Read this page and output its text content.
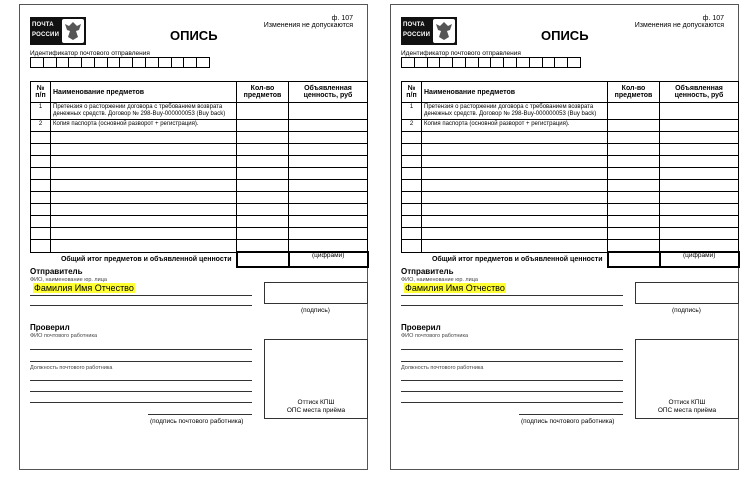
ПОЧТА
РОССИИ	ОПИСЬ
ф. 107
Изменения не допускаются
Идентификатор почтового отправления
№ п/п	Наименование предметов	Кол-во предметов	Объявленная ценность, руб
1	Претензия о расторжении договора с требованием возврата денежных средств. Договор № 298-Buy-000000053 (Buy back)		
2	Копия паспорта (основной разворот + регистрация).		

Общий итог предметов и объявленной ценности			
(цифрами)
Отправитель
ФИО, наименование юр. лица
Фамилия Имя Отчество
(подпись)
Проверил
ФИО почтового работника
Должность почтового работника
(подпись почтового работника)
Оттиск КПШ
ОПС места приёма
ПОЧТА
РОССИИ	ОПИСЬ
ф. 107
Изменения не допускаются
Идентификатор почтового отправления
№ п/п	Наименование предметов	Кол-во предметов	Объявленная ценность, руб
1	Претензия о расторжении договора с требованием возврата денежных средств. Договор № 298-Buy-000000053 (Buy back)		
2	Копия паспорта (основной разворот + регистрация).		

Общий итог предметов и объявленной ценности			
(цифрами)
Отправитель
ФИО, наименование юр. лица
Фамилия Имя Отчество
(подпись)
Проверил
ФИО почтового работника
Должность почтового работника
(подпись почтового работника)
Оттиск КПШ
ОПС места приёма
